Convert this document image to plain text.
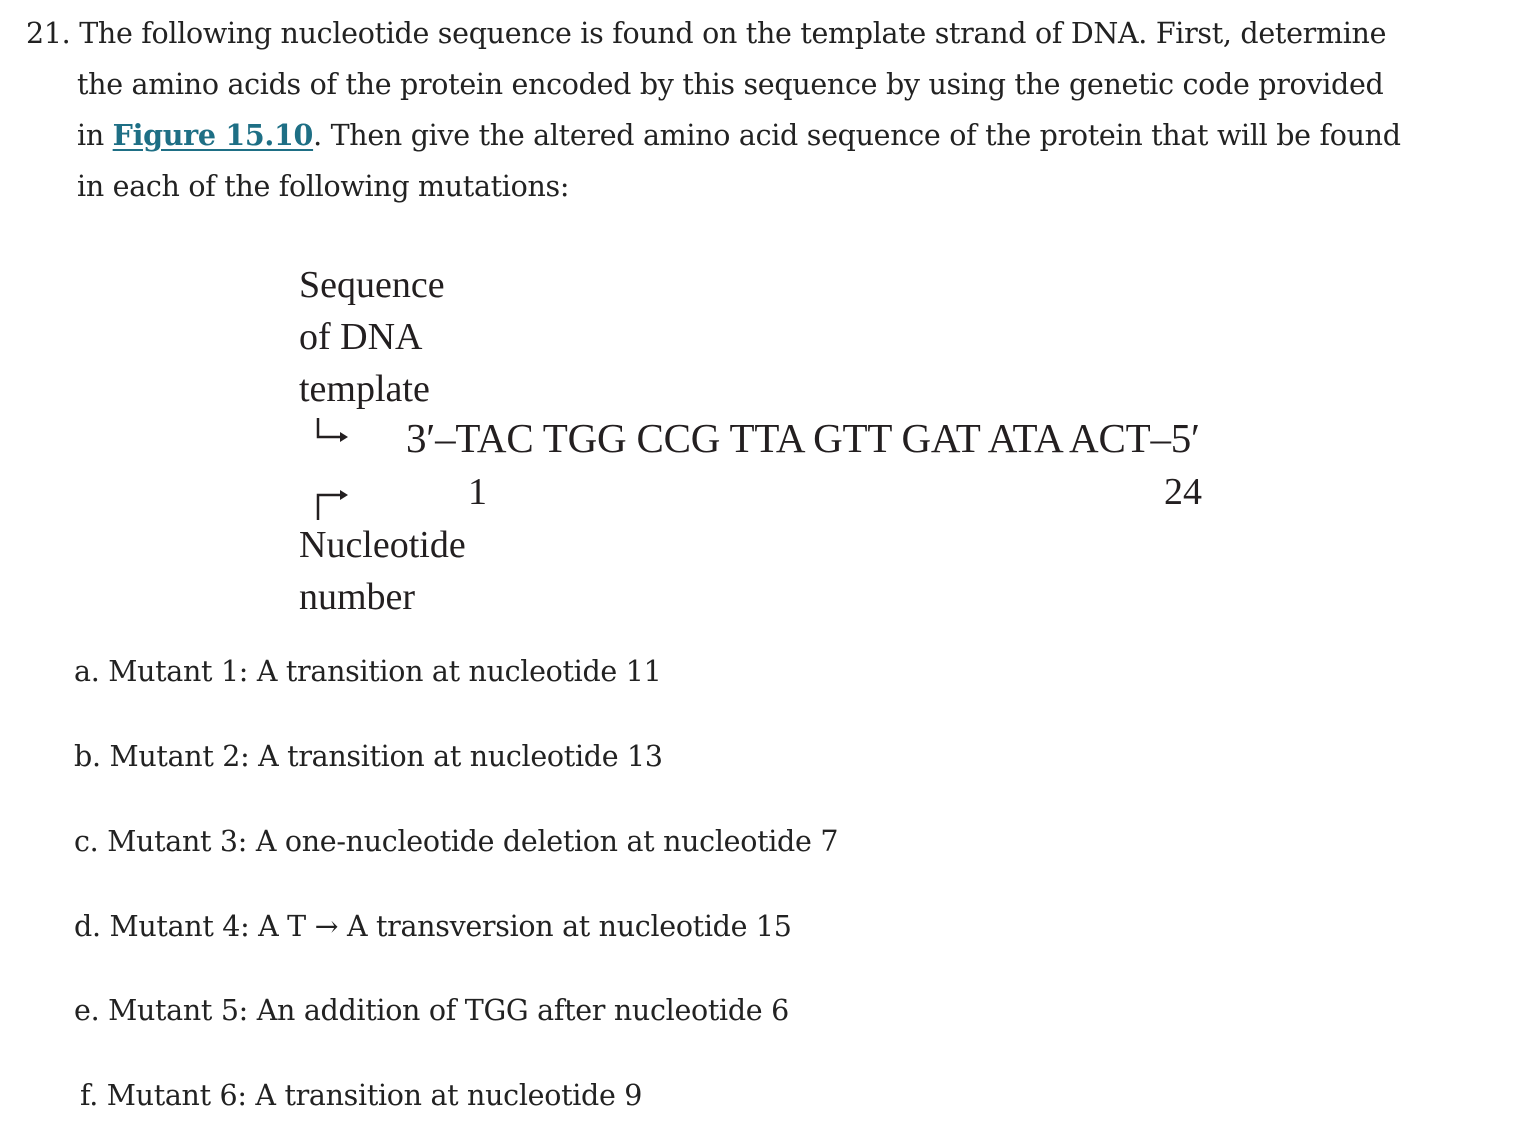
21. The following nucleotide sequence is found on the template strand of DNA. First, determine
the amino acids of the protein encoded by this sequence by using the genetic code provided
in Figure 15.10. Then give the altered amino acid sequence of the protein that will be found
in each of the following mutations:
Sequence
of DNA
template
3′–TAC TGG CCG TTA GTT GAT ATA ACT–5′
1	24
Nucleotide
number
a. Mutant 1: A transition at nucleotide 11
b. Mutant 2: A transition at nucleotide 13
c. Mutant 3: A one-nucleotide deletion at nucleotide 7
d. Mutant 4: A T → A transversion at nucleotide 15
e. Mutant 5: An addition of TGG after nucleotide 6
f. Mutant 6: A transition at nucleotide 9
